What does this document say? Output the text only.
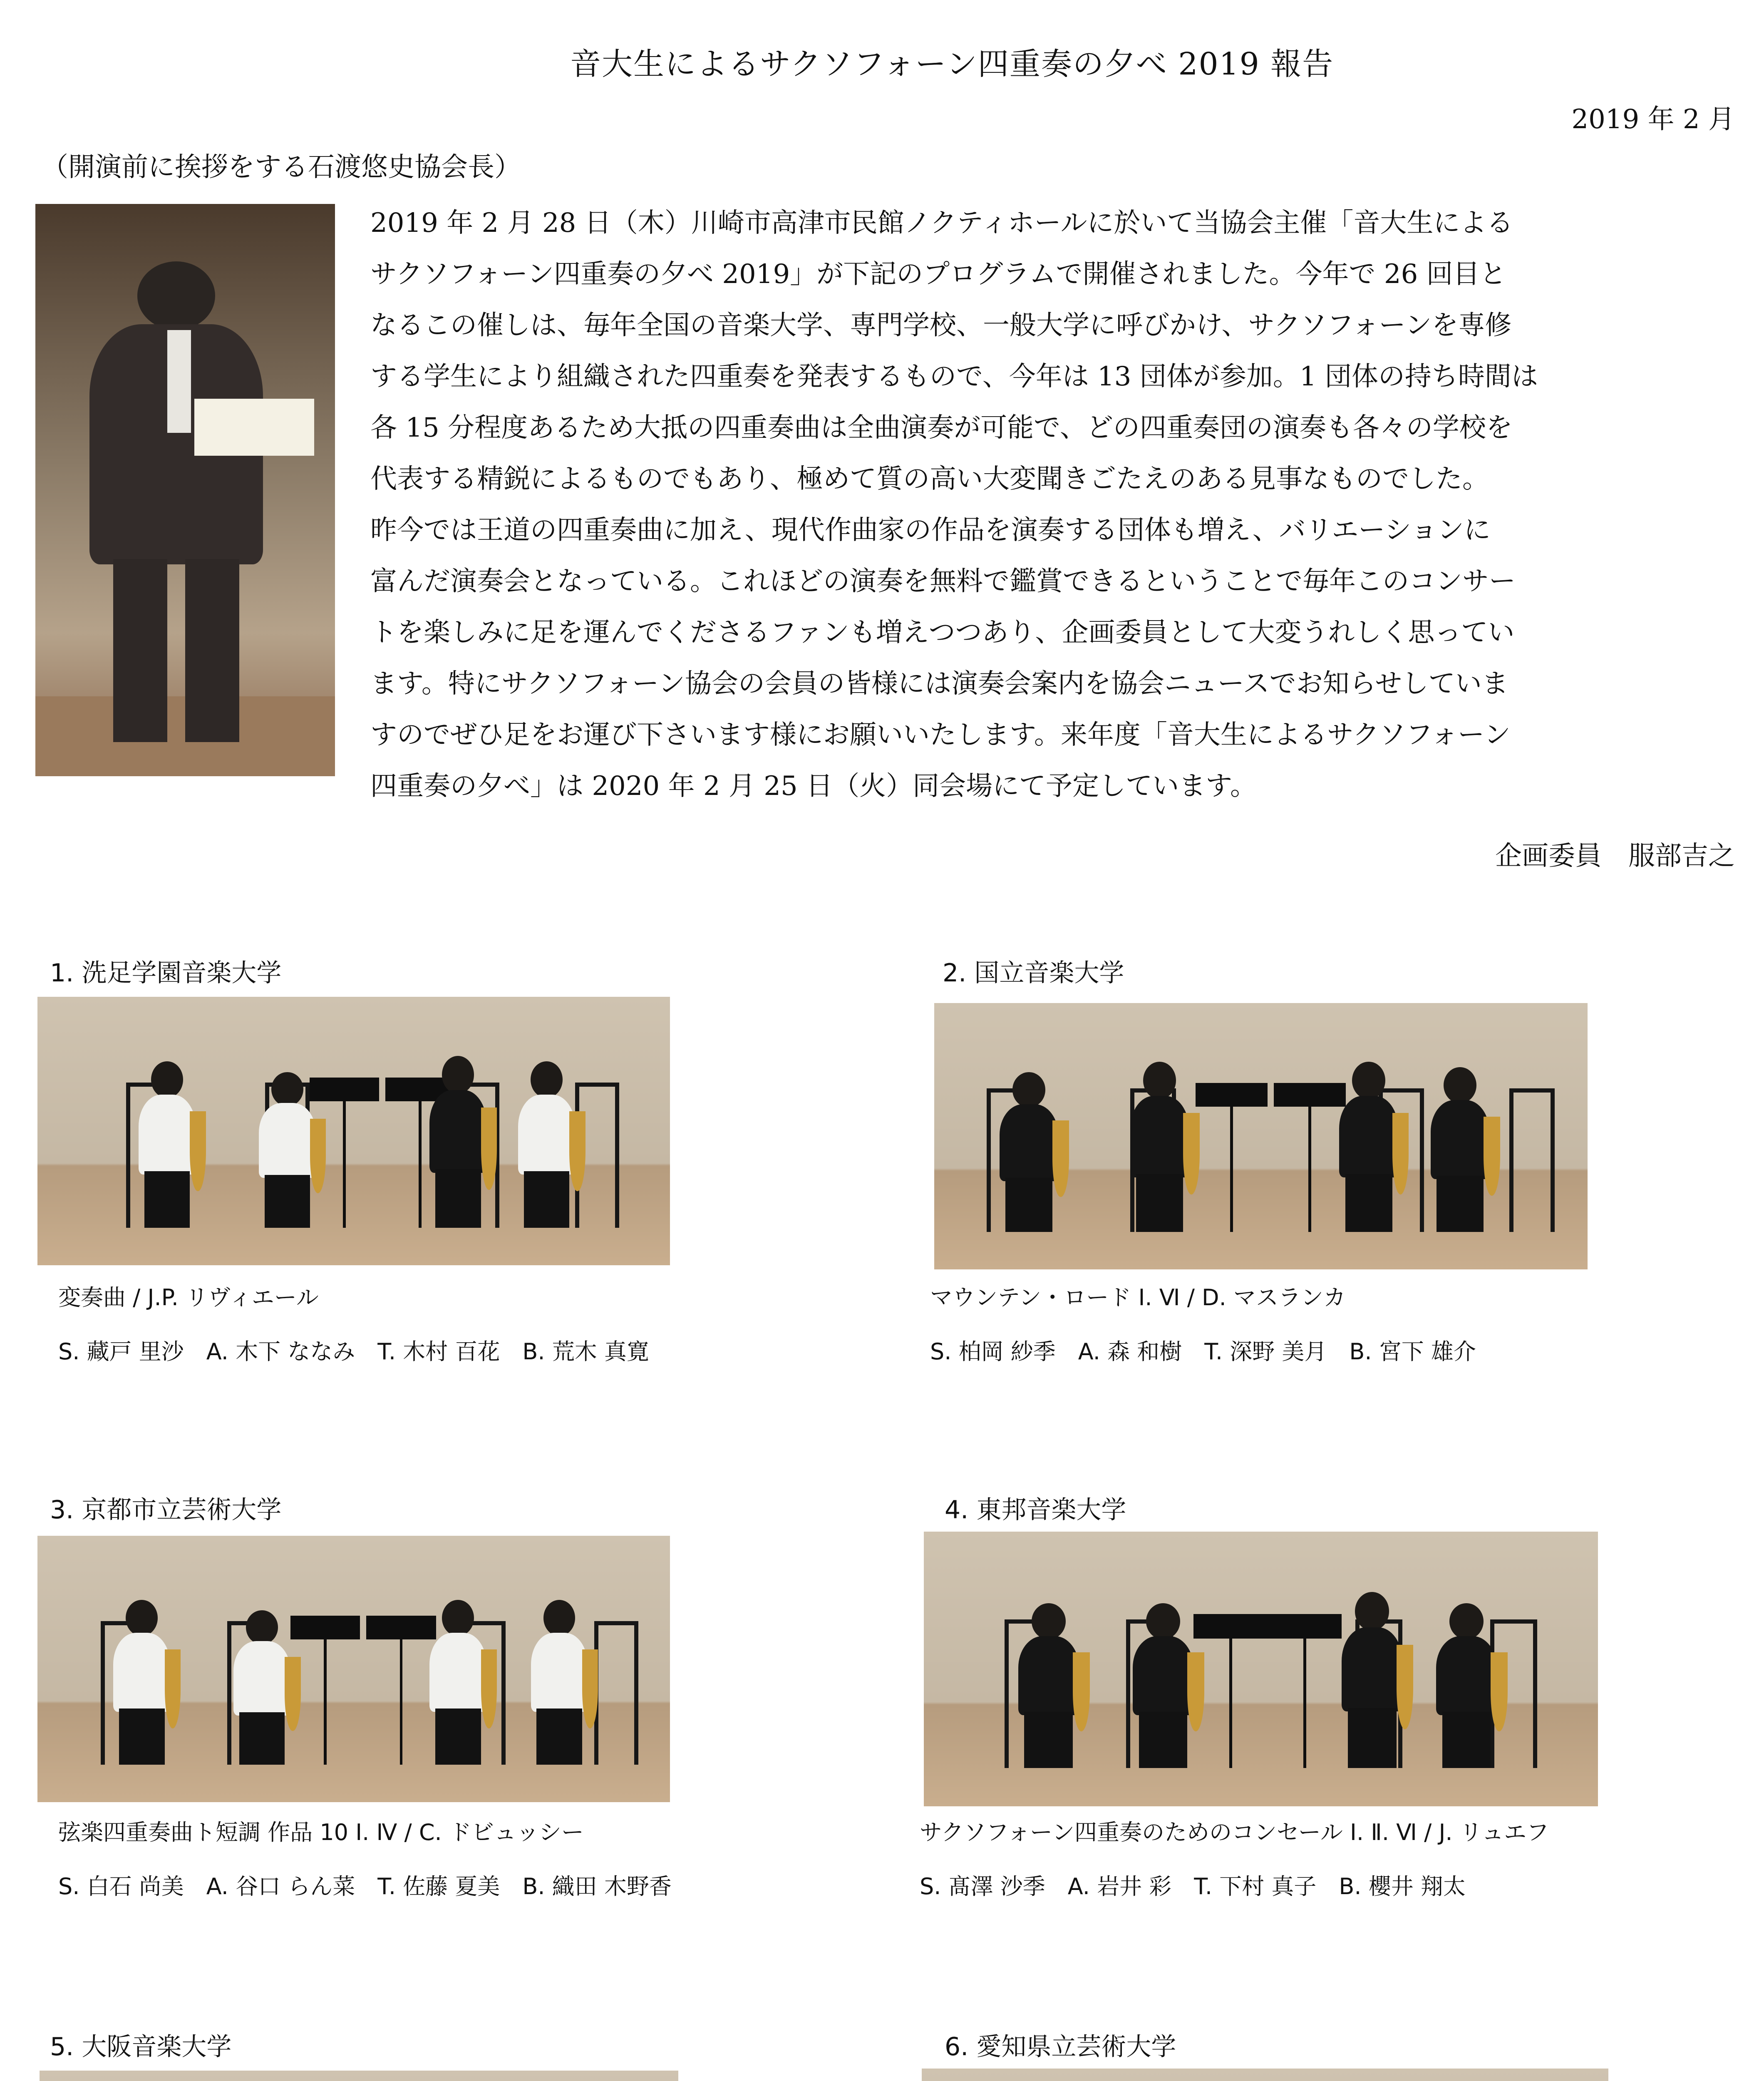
音大生によるサクソフォーン四重奏の夕べ 2019 報告
2019 年 2 月
（開演前に挨拶をする石渡悠史協会長）

2019 年 2 月 28 日（木）川崎市高津市民館ノクティホールに於いて当協会主催「音大生による

サクソフォーン四重奏の夕べ 2019」が下記のプログラムで開催されました。今年で 26 回目と

なるこの催しは、毎年全国の音楽大学、専門学校、一般大学に呼びかけ、サクソフォーンを専修

する学生により組織された四重奏を発表するもので、今年は 13 団体が参加。1 団体の持ち時間は

各 15 分程度あるため大抵の四重奏曲は全曲演奏が可能で、どの四重奏団の演奏も各々の学校を

代表する精鋭によるものでもあり、極めて質の高い大変聞きごたえのある見事なものでした。

昨今では王道の四重奏曲に加え、現代作曲家の作品を演奏する団体も増え、バリエーションに

富んだ演奏会となっている。これほどの演奏を無料で鑑賞できるということで毎年このコンサー

トを楽しみに足を運んでくださるファンも増えつつあり、企画委員として大変うれしく思ってい

ます。特にサクソフォーン協会の会員の皆様には演奏会案内を協会ニュースでお知らせしていま

すのでぜひ足をお運び下さいます様にお願いいたします。来年度「音大生によるサクソフォーン

四重奏の夕べ」は 2020 年 2 月 25 日（火）同会場にて予定しています。

企画委員　服部吉之
1. 洗足学園音楽大学
変奏曲 / J.P. リヴィエール
S. 藏戸 里沙　A. 木下 ななみ　T. 木村 百花　B. 荒木 真寛
2. 国立音楽大学
マウンテン・ロード Ⅰ. Ⅵ / D. マスランカ
S. 柏岡 紗季　A. 森 和樹　T. 深野 美月　B. 宮下 雄介
3. 京都市立芸術大学
弦楽四重奏曲ト短調 作品 10 Ⅰ. Ⅳ / C. ドビュッシー
S. 白石 尚美　A. 谷口 らん菜　T. 佐藤 夏美　B. 織田 木野香
4. 東邦音楽大学
サクソフォーン四重奏のためのコンセール Ⅰ. Ⅱ. Ⅵ / J. リュエフ
S. 髙澤 沙季　A. 岩井 彩　T. 下村 真子　B. 櫻井 翔太
5. 大阪音楽大学	6. 愛知県立芸術大学
